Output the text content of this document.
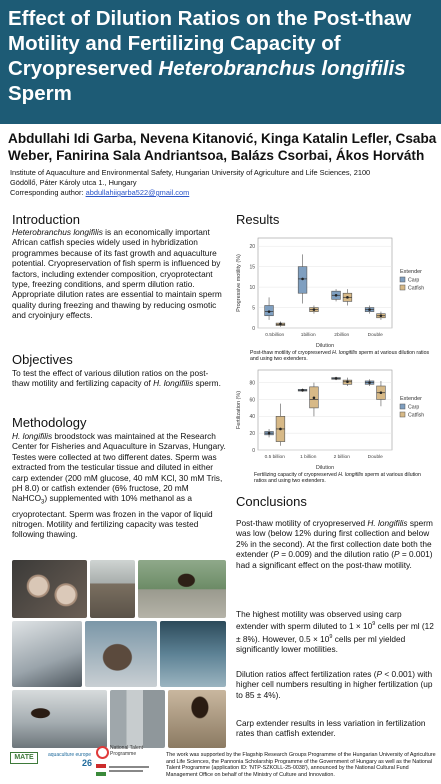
Effect of Dilution Ratios on the Post-thaw Motility and Fertilizing Capacity of Cryopreserved Heterobranchus longifilis Sperm
Abdullahi Idi Garba, Nevena Kitanović, Kinga Katalin Lefler, Csaba Weber, Fanirina Sala Andriantsoa, Balázs Csorbai, Ákos Horváth
Institute of Aquaculture and Environmental Safety, Hungarian University of Agriculture and Life Sciences, 2100
Gödöllő, Páter Károly utca 1., Hungary
Corresponding author: abdullahiigarba522@gmail.com
Introduction
Heterobranchus longifilis is an economically important African catfish species widely used in hybridization programmes because of its fast growth and aquaculture potential. Cryopreservation of fish sperm is influenced by factors, including extender composition, cryoprotectant type, freezing conditions, and sperm dilution ratio. Appropriate dilution rates are essential to maintain sperm quality during freezing and thawing by reducing osmotic and cryoinjury effects.
Objectives
To test the effect of various dilution ratios on the post-thaw motility and fertilizing capacity of H. longifilis sperm.
Methodology
H. longifilis broodstock was maintained at the Research Center for Fisheries and Aquaculture in Szarvas, Hungary. Testes were collected at two different dates. Sperm was extracted from the testicular tissue and diluted in either carp extender (200 mM glucose, 40 mM KCl, 30 mM Tris, pH 8.0) or catfish extender (6% fructose, 20 mM NaHCO$_3$) supplemented with 10% methanol as a cryoprotectant. Sperm was frozen in the vapor of liquid nitrogen. Motility and fertilizing capacity was tested following thawing.
Results
0
5
10
15
20
0.5billion	1billion	2billion	Double
Dilution
Progressive motility (%)	Extender
Carp
Catfish
Post-thaw motility of cryopreserved H. longifilis sperm at various dilution ratios and using two extenders.
0
20
40
60
80
0.5 billion	1 billion	2 billion	Double
Dilution
Fertilization (%)	Extender
Carp
Catfish
Fertilizing capacity of cryopreserved H. longifilis sperm at various dilution ratios and using two extenders.
Conclusions
Post-thaw motility of cryopreserved H. longifilis sperm was low (below 12% during first collection and below 2% in the second). At the first collection date both the extender (P = 0.009) and the dilution ratio (P = 0.001) had a significant effect on the post-thaw motility.
The highest motility was observed using carp extender with sperm diluted to $1 \times 10^9$ cells per ml (12 ± 8%). However, $0.5 \times 10^9$ cells per ml yielded significantly lower motilities.
Dilution ratios affect fertilization rates (P < 0.001) with higher cell numbers resulting in higher fertilization (up to 85 ± 4%).
Carp extender results in less variation in fertilization rates than catfish extender.
MATE	aquaculture europe
26
National Talent Programme	The work was supported by the Flagship Research Groups Programme of the Hungarian University of Agriculture and Life Sciences, the Pannonia Scholarship Programme of the Government of Hungary as well as the National Talent Programme (application ID: 'NTP-SZKOLL-25-0038'), announced by the National Cultural Fund Management Office on behalf of the Ministry of Culture and Innovation.
